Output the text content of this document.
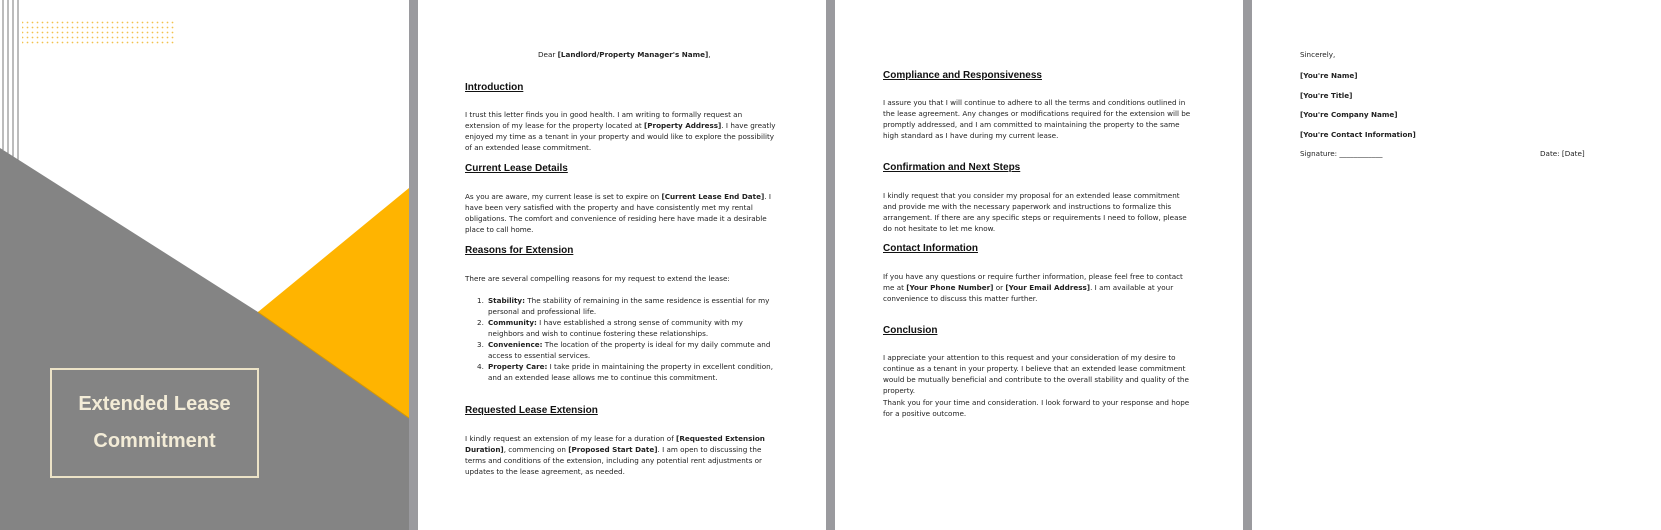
Extended Lease
Commitment

Dear [Landlord/Property Manager's Name],

Introduction

I trust this letter finds you in good health. I am writing to formally request an extension of my lease for the property located at [Property Address]. I have greatly enjoyed my time as a tenant in your property and would like to explore the possibility of an extended lease commitment.

Current Lease Details

As you are aware, my current lease is set to expire on [Current Lease End Date]. I have been very satisfied with the property and have consistently met my rental obligations. The comfort and convenience of residing here have made it a desirable place to call home.

Reasons for Extension

There are several compelling reasons for my request to extend the lease:

1. Stability: The stability of remaining in the same residence is essential for my personal and professional life.
2. Community: I have established a strong sense of community with my neighbors and wish to continue fostering these relationships.
3. Convenience: The location of the property is ideal for my daily commute and access to essential services.
4. Property Care: I take pride in maintaining the property in excellent condition, and an extended lease allows me to continue this commitment.
Requested Lease Extension

I kindly request an extension of my lease for a duration of [Requested Extension Duration], commencing on [Proposed Start Date]. I am open to discussing the terms and conditions of the extension, including any potential rent adjustments or updates to the lease agreement, as needed.

Compliance and Responsiveness

I assure you that I will continue to adhere to all the terms and conditions outlined in the lease agreement. Any changes or modifications required for the extension will be promptly addressed, and I am committed to maintaining the property to the same high standard as I have during my current lease.

Confirmation and Next Steps

I kindly request that you consider my proposal for an extended lease commitment and provide me with the necessary paperwork and instructions to formalize this arrangement. If there are any specific steps or requirements I need to follow, please do not hesitate to let me know.

Contact Information

If you have any questions or require further information, please feel free to contact me at [Your Phone Number] or [Your Email Address]. I am available at your convenience to discuss this matter further.

Conclusion

I appreciate your attention to this request and your consideration of my desire to continue as a tenant in your property. I believe that an extended lease commitment would be mutually beneficial and contribute to the overall stability and quality of the property.

Thank you for your time and consideration. I look forward to your response and hope for a positive outcome.

Sincerely,

[You're Name]

[You're Title]

[You're Company Name]

[You're Contact Information]

Signature: ____________	Date: [Date]
